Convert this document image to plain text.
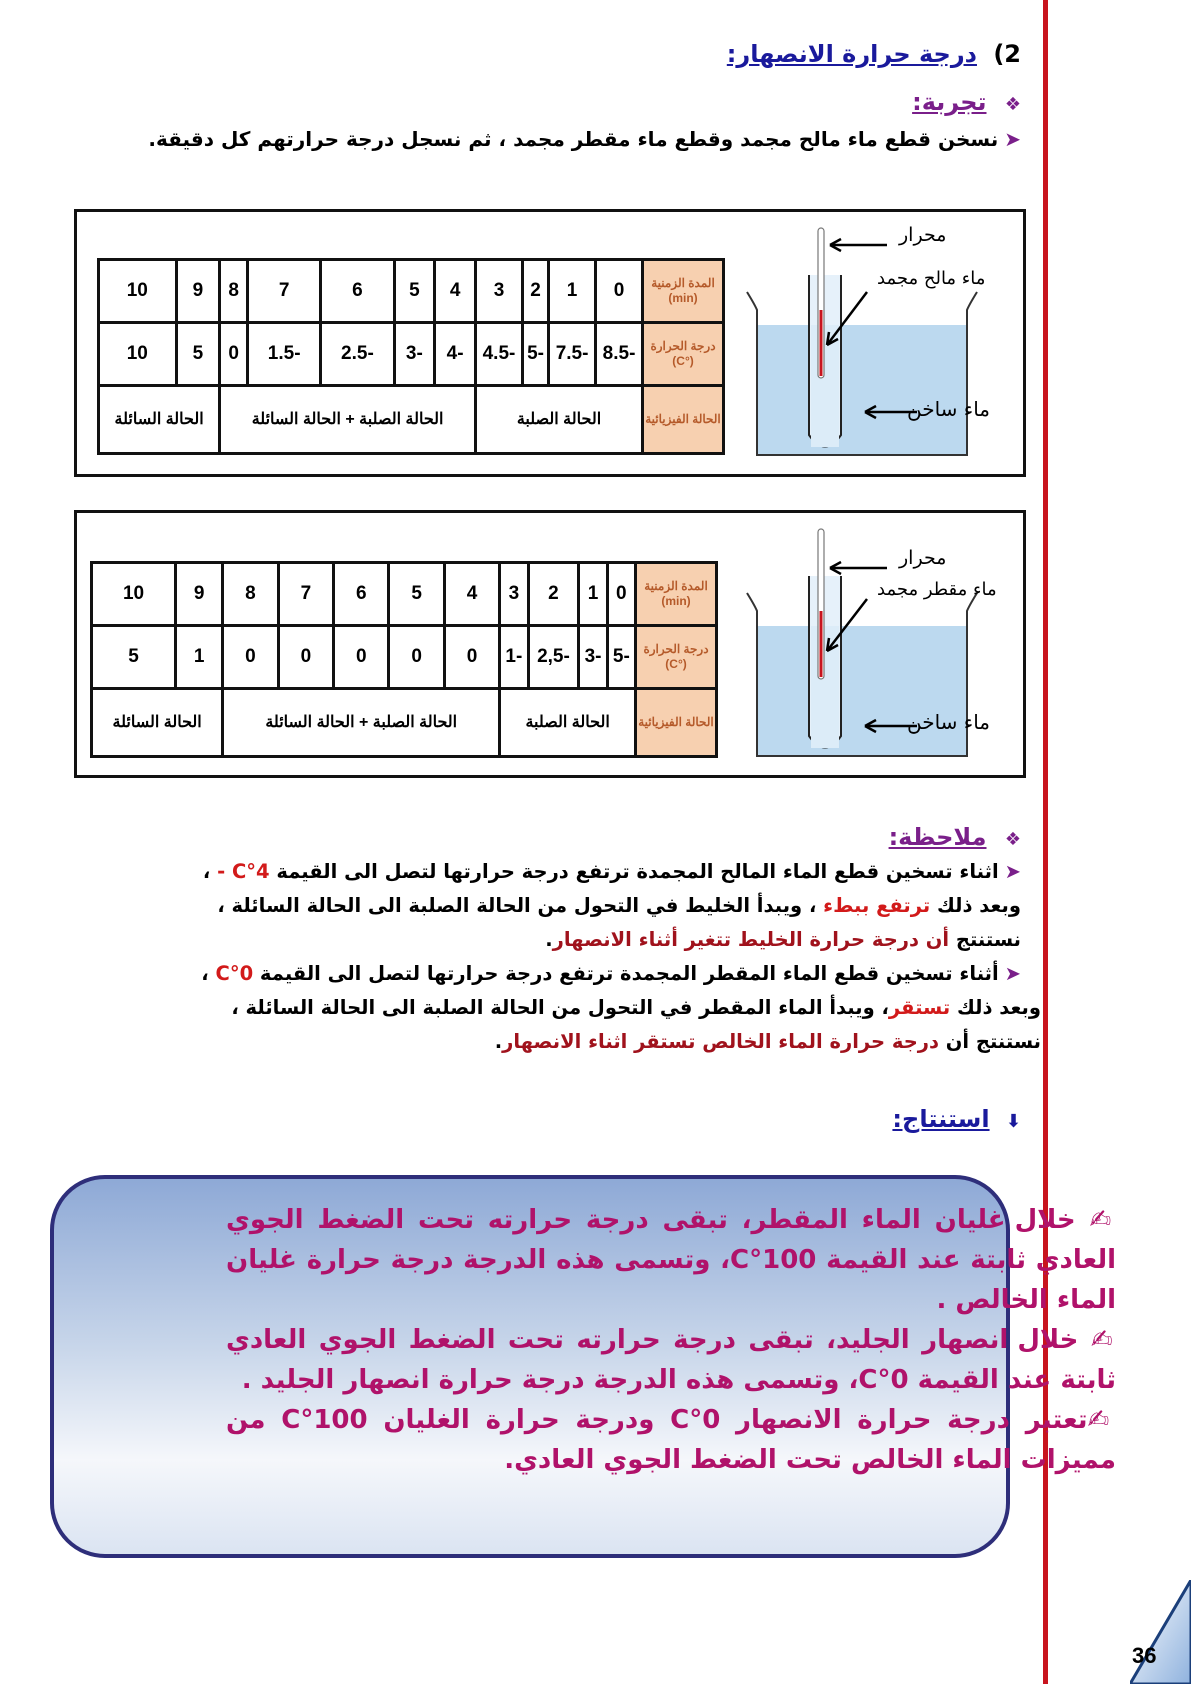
2) درجة حرارة الانصهار:
❖ تجربة:
➤نسخن قطع ماء مالح مجمد وقطع ماء مقطر مجمد ، ثم نسجل درجة حرارتهم كل دقيقة.
المدة الزمنية (min)	0	1	2	3	4	5	6	7	8	9	10
درجة الحرارة (°C)	-8.5	-7.5	-5	-4.5	-4	-3	-2.5	-1.5	0	5	10
الحالة الفيزيائية	الحالة الصلبة				الحالة الصلبة + الحالة السائلة					الحالة السائلة	
محرار
ماء مالح مجمد
ماء ساخن
المدة الزمنية (min)	0	1	2	3	4	5	6	7	8	9	10
درجة الحرارة (°C)	-5	-3	-2,5	-1	0	0	0	0	0	1	5
الحالة الفيزيائية	الحالة الصلبة				الحالة الصلبة + الحالة السائلة					الحالة السائلة	
محرار
ماء مقطر مجمد
ماء ساخن
❖ ملاحظة:
➤اثناء تسخين قطع الماء المالح المجمدة ترتفع درجة حرارتها لتصل الى القيمة 4°C - ،
وبعد ذلك ترتفع ببطء ، ويبدأ الخليط في التحول من الحالة الصلبة الى الحالة السائلة ،
نستنتج أن درجة حرارة الخليط تتغير أثناء الانصهار.
➤أثناء تسخين قطع الماء المقطر المجمدة ترتفع درجة حرارتها لتصل الى القيمة 0°C ،
وبعد ذلك تستقر، ويبدأ الماء المقطر في التحول من الحالة الصلبة الى الحالة السائلة ،
نستنتج أن درجة حرارة الماء الخالص تستقر اثناء الانصهار.
⬇ استنتاج:
✍ خلال غليان الماء المقطر، تبقى درجة حرارته تحت الضغط الجوي العادي ثابتة عند القيمة 100°C، وتسمى هذه الدرجة درجة حرارة غليان الماء الخالص .
✍ خلال انصهار الجليد، تبقى درجة حرارته تحت الضغط الجوي العادي ثابتة عند القيمة 0°C، وتسمى هذه الدرجة درجة حرارة انصهار الجليد .
✍تعتبر درجة حرارة الانصهار 0°C ودرجة حرارة الغليان 100°C من مميزات الماء الخالص تحت الضغط الجوي العادي.
36
